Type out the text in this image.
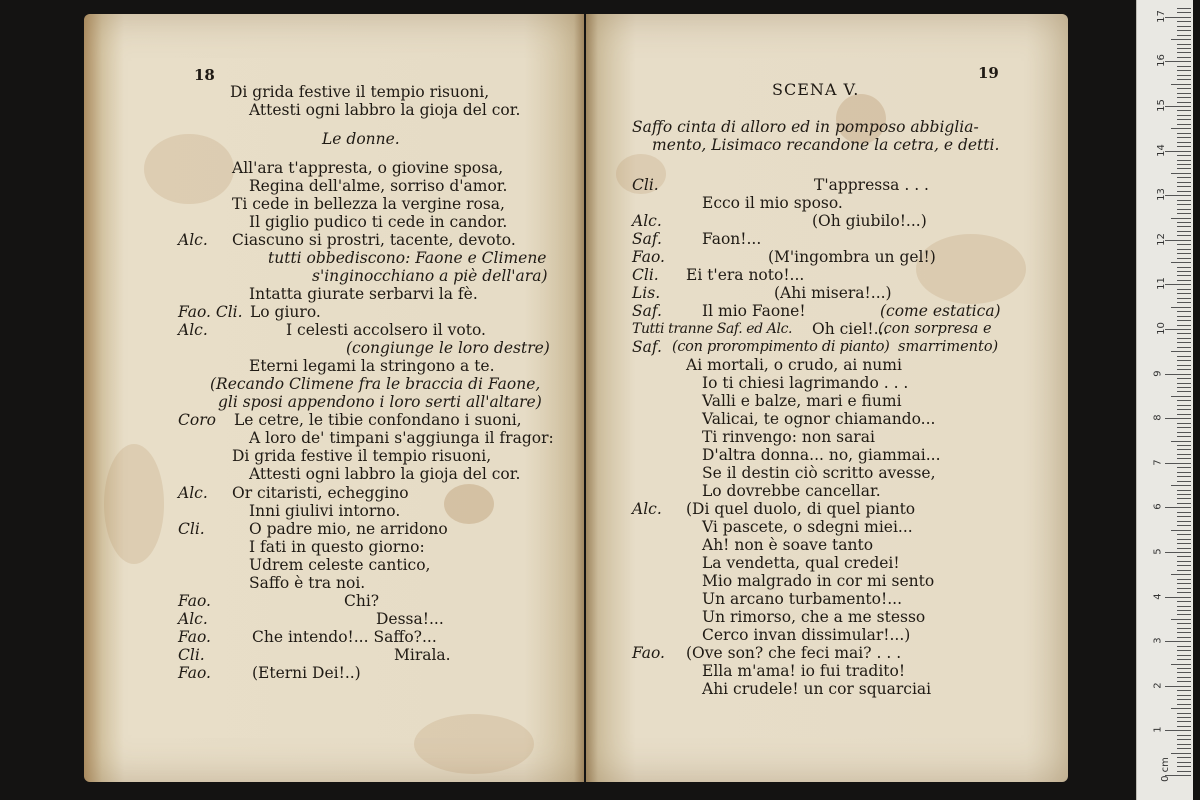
18
Di grida festive il tempio risuoni,
Attesti ogni labbro la gioja del cor.
Le donne.
All'ara t'appresta, o giovine sposa,
Regina dell'alme, sorriso d'amor.
Ti cede in bellezza la vergine rosa,
Il giglio pudico ti cede in candor.
Alc. Ciascuno si prostri, tacente, devoto.
tutti obbediscono: Faone e Climene
s'inginocchiano a piè dell'ara)
Intatta giurate serbarvi la fè.
Fao. Cli. Lo giuro.
Alc.	I celesti accolsero il voto.
(congiunge le loro destre)
Eterni legami la stringono a te.
(Recando Climene fra le braccia di Faone,
gli sposi appendono i loro serti all'altare)
Coro Le cetre, le tibie confondano i suoni,
A loro de' timpani s'aggiunga il fragor:
Di grida festive il tempio risuoni,
Attesti ogni labbro la gioja del cor.
Alc. Or citaristi, echeggino
Inni giulivi intorno.
Cli.	O padre mio, ne arridono
I fati in questo giorno:
Udrem celeste cantico,
Saffo è tra noi.
Fao.	Chi?
Alc.	Dessa!...
Fao.	Che intendo!... Saffo?...
Cli.	Mirala.
Fao.	(Eterni Dei!..)
19
SCENA V.
Saffo cinta di alloro ed in pomposo abbiglia-
mento, Lisimaco recandone la cetra, e detti.
Cli.	T'appressa . . .
Ecco il mio sposo.
Alc.	(Oh giubilo!...)
Saf.	Faon!...
Fao.	(M'ingombra un gel!)
Cli. Ei t'era noto!...
Lis.	(Ahi misera!...)
Saf.	Il mio Faone!	(come estatica)
Tutti tranne Saf. ed Alc. Oh ciel!...
(con sorpresa e
Saf. (con prorompimento di pianto) smarrimento)
Ai mortali, o crudo, ai numi
Io ti chiesi lagrimando . . .
Valli e balze, mari e fiumi
Valicai, te ognor chiamando...
Ti rinvengo: non sarai
D'altra donna... no, giammai...
Se il destin ciò scritto avesse,
Lo dovrebbe cancellar.
Alc. (Di quel duolo, di quel pianto
Vi pascete, o sdegni miei...
Ah! non è soave tanto
La vendetta, qual credei!
Mio malgrado in cor mi sento
Un arcano turbamento!...
Un rimorso, che a me stesso
Cerco invan dissimular!...)
Fao. (Ove son? che feci mai? . . .
Ella m'ama! io fui tradito!
Ahi crudele! un cor squarciai
1
2
3
4
5
6
7
8
9
10
11
12
13
14
15
16
17
0 cm
